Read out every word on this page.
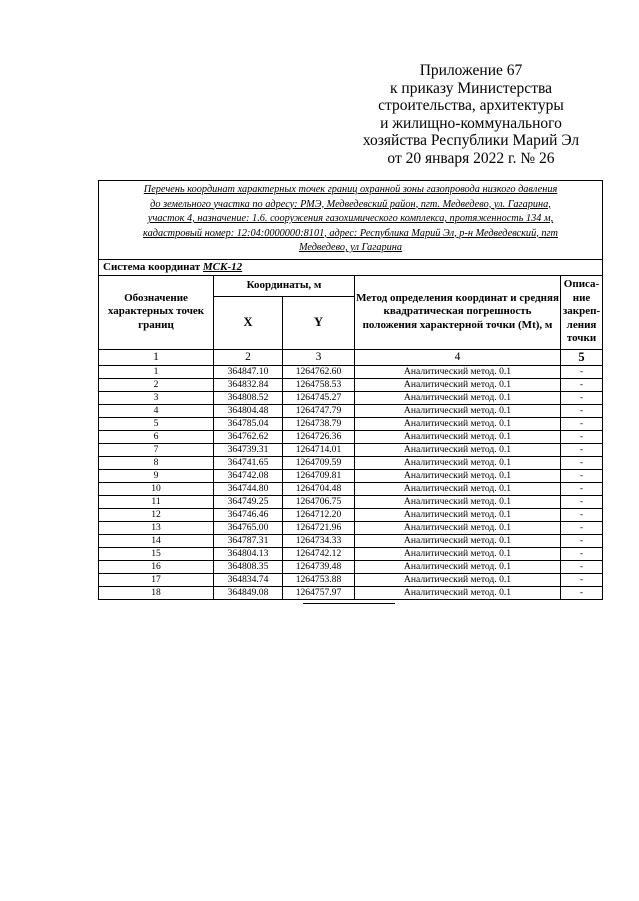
Приложение 67
к приказу Министерства
строительства, архитектуры
и жилищно-коммунального
хозяйства Республики Марий Эл
от 20 января 2022 г. № 26
Перечень координат характерных точек границ охранной зоны газопровода низкого давления
до земельного участка по адресу: РМЭ, Медведевский район, пгт. Медведево, ул. Гагарина,
участок 4, назначение: 1.6. сооружения газохимического комплекса, протяженность 134 м,
кадастровый номер: 12:04:0000000:8101, адрес: Республика Марий Эл, р-н Медведевский, пгт
Медведево, ул Гагарина				

Система координат МСК-12				
Обозначение характерных точек границ	Координаты, м		Метод определения координат и средняя квадратическая погрешность положения характерной точки (Mt), м	Описа-ние закреп-ления точки
	X	Y		
1	2	3	4	5
1	364847.10	1264762.60	Аналитический метод. 0.1	-
2	364832.84	1264758.53	Аналитический метод. 0.1	-
3	364808.52	1264745.27	Аналитический метод. 0.1	-
4	364804.48	1264747.79	Аналитический метод. 0.1	-
5	364785.04	1264738.79	Аналитический метод. 0.1	-
6	364762.62	1264726.36	Аналитический метод. 0.1	-
7	364739.31	1264714.01	Аналитический метод. 0.1	-
8	364741.65	1264709.59	Аналитический метод. 0.1	-
9	364742.08	1264709.81	Аналитический метод. 0.1	-
10	364744.80	1264704.48	Аналитический метод. 0.1	-
11	364749.25	1264706.75	Аналитический метод. 0.1	-
12	364746.46	1264712.20	Аналитический метод. 0.1	-
13	364765.00	1264721.96	Аналитический метод. 0.1	-
14	364787.31	1264734.33	Аналитический метод. 0.1	-
15	364804.13	1264742.12	Аналитический метод. 0.1	-
16	364808.35	1264739.48	Аналитический метод. 0.1	-
17	364834.74	1264753.88	Аналитический метод. 0.1	-
18	364849.08	1264757.97	Аналитический метод. 0.1	-
